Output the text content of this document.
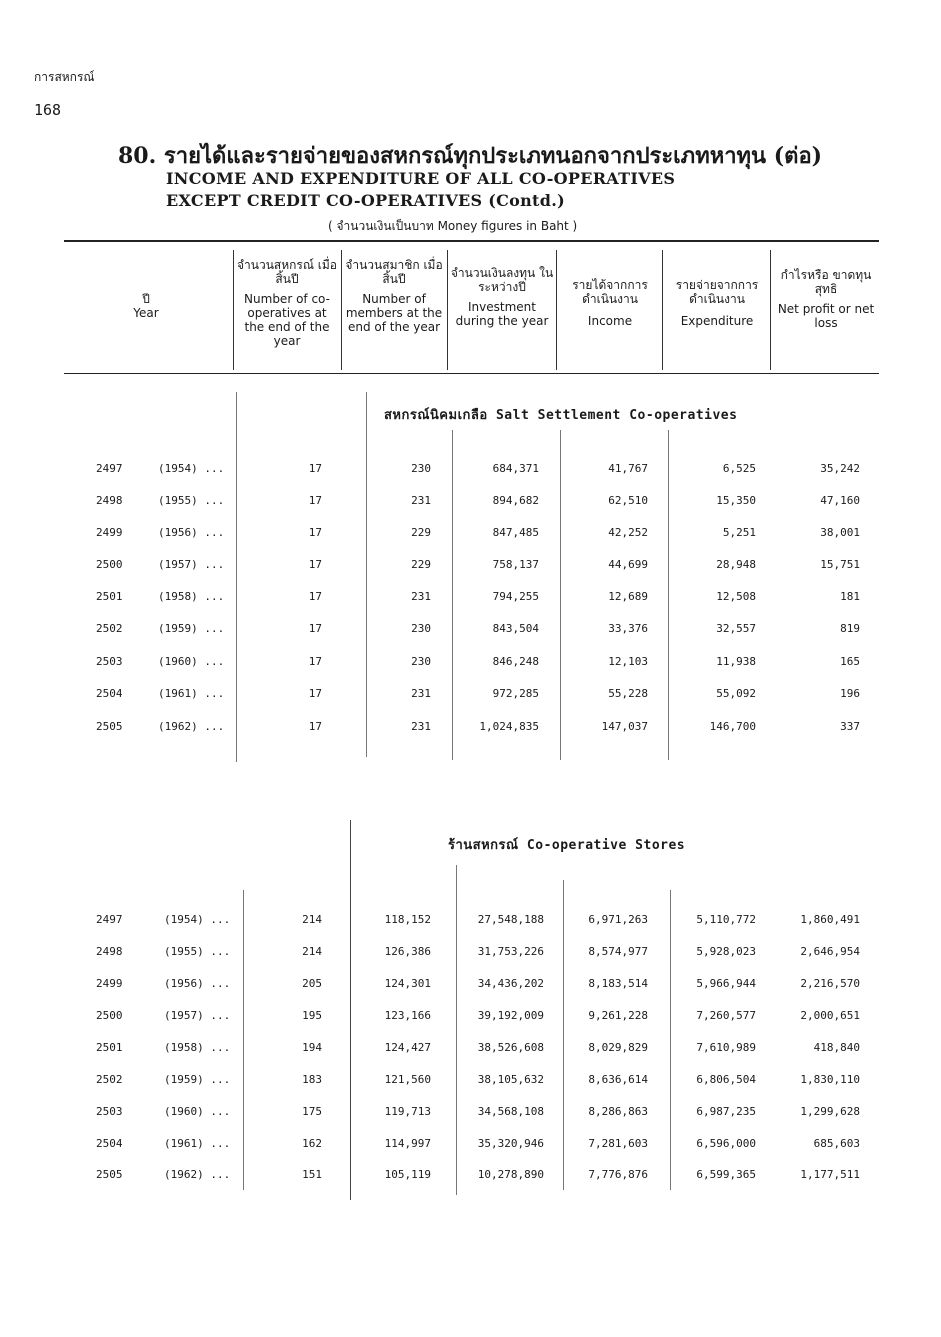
การสหกรณ์
168
80. รายได้และรายจ่ายของสหกรณ์ทุกประเภทนอกจากประเภทหาทุน (ต่อ)
INCOME AND EXPENDITURE OF ALL CO-OPERATIVES
EXCEPT CREDIT CO-OPERATIVES (Contd.)
( จำนวนเงินเป็นบาท Money figures in Baht )
ปี
Year
จำนวนสหกรณ์ เมื่อสิ้นปี
Number of co-operatives at the end of the year
จำนวนสมาชิก เมื่อสิ้นปี
Number of members at the end of the year
จำนวนเงินลงทุน ในระหว่างปี
Investment during the year
รายได้จากการ ดำเนินงาน
Income
รายจ่ายจากการ ดำเนินงาน
Expenditure
กำไรหรือ ขาดทุนสุทธิ
Net profit or net loss
สหกรณ์นิคมเกลือ Salt Settlement Co-operatives
2497	(1954) ...	17	230	684,371	41,767	6,525	35,242
2498	(1955) ...	17	231	894,682	62,510	15,350	47,160
2499	(1956) ...	17	229	847,485	42,252	5,251	38,001
2500	(1957) ...	17	229	758,137	44,699	28,948	15,751
2501	(1958) ...	17	231	794,255	12,689	12,508	181
2502	(1959) ...	17	230	843,504	33,376	32,557	819
2503	(1960) ...	17	230	846,248	12,103	11,938	165
2504	(1961) ...	17	231	972,285	55,228	55,092	196
2505	(1962) ...	17	231	1,024,835	147,037	146,700	337
ร้านสหกรณ์ Co-operative Stores
2497	(1954) ...	214	118,152	27,548,188	6,971,263	5,110,772	1,860,491
2498	(1955) ...	214	126,386	31,753,226	8,574,977	5,928,023	2,646,954
2499	(1956) ...	205	124,301	34,436,202	8,183,514	5,966,944	2,216,570
2500	(1957) ...	195	123,166	39,192,009	9,261,228	7,260,577	2,000,651
2501	(1958) ...	194	124,427	38,526,608	8,029,829	7,610,989	418,840
2502	(1959) ...	183	121,560	38,105,632	8,636,614	6,806,504	1,830,110
2503	(1960) ...	175	119,713	34,568,108	8,286,863	6,987,235	1,299,628
2504	(1961) ...	162	114,997	35,320,946	7,281,603	6,596,000	685,603
2505	(1962) ...	151	105,119	10,278,890	7,776,876	6,599,365	1,177,511
